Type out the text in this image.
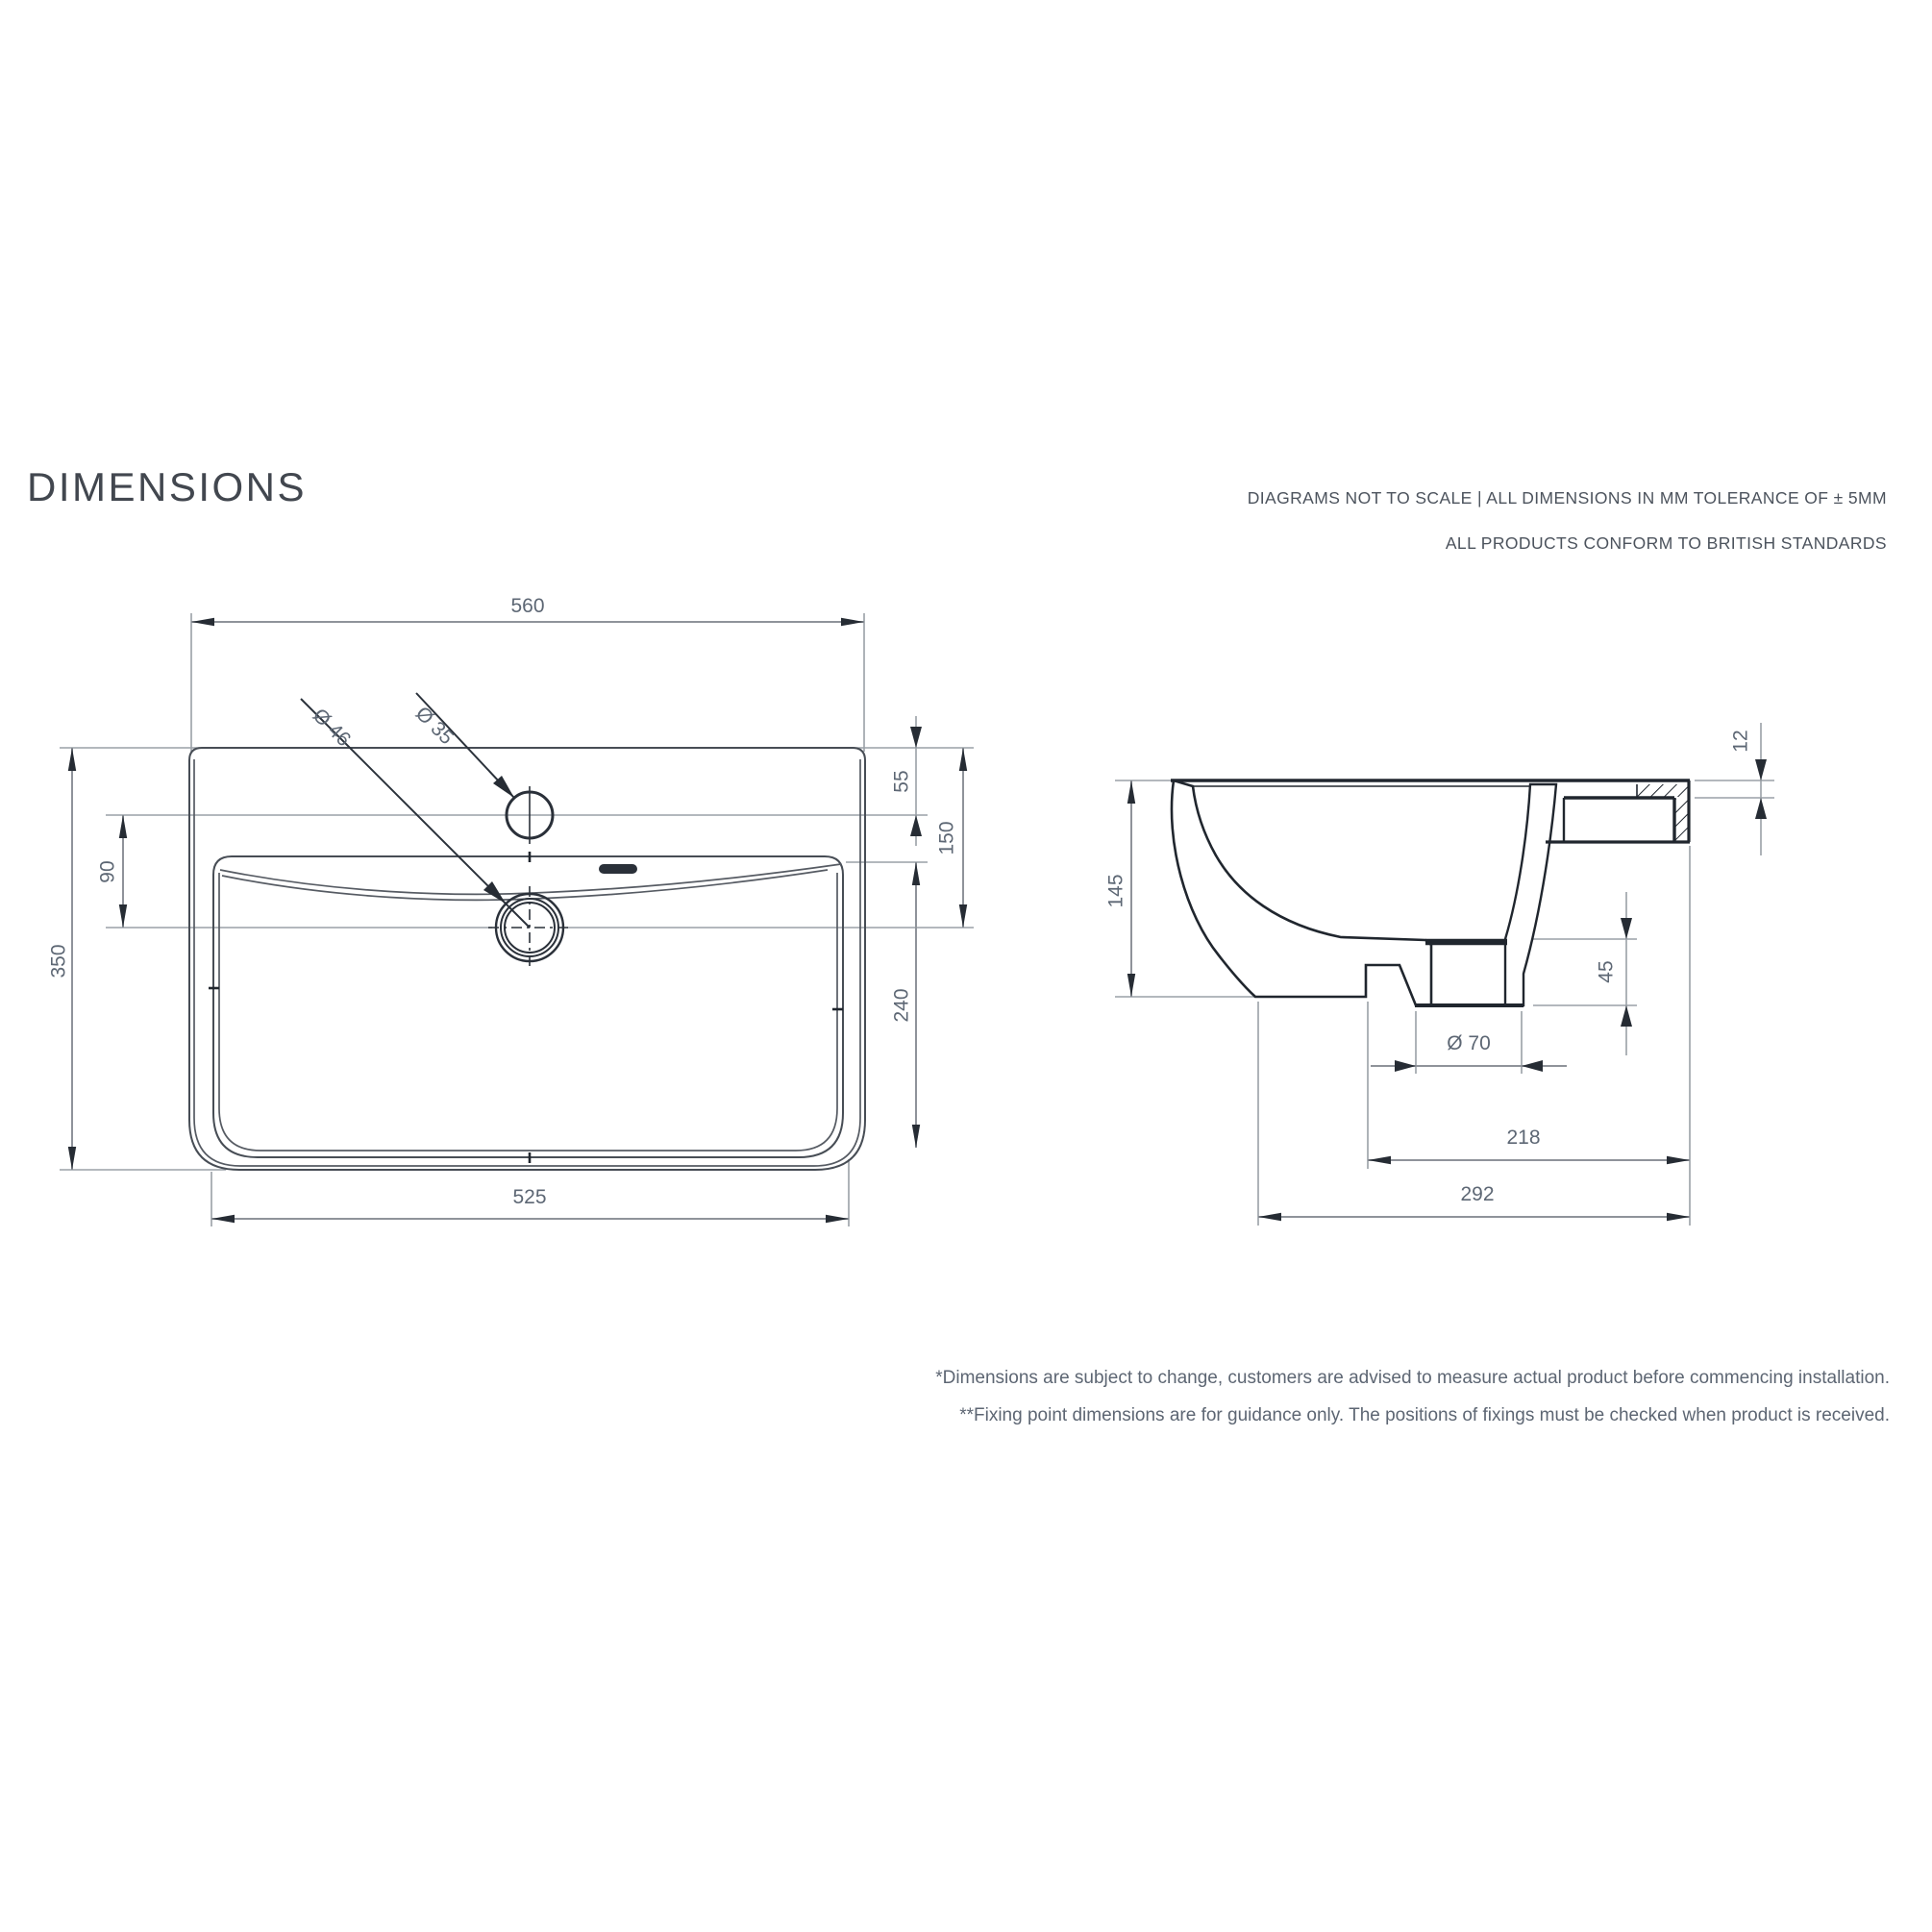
DIMENSIONS	DIAGRAMS NOT TO SCALE | ALL DIMENSIONS IN MM TOLERANCE OF ± 5MM
ALL PRODUCTS CONFORM TO BRITISH STANDARDS
Ø 46	Ø 35
560
350
90
55
150
240
525
145
12
45
Ø 70
218
292
*Dimensions are subject to change, customers are advised to measure actual product before commencing installation.
**Fixing point dimensions are for guidance only. The positions of fixings must be checked when product is received.
